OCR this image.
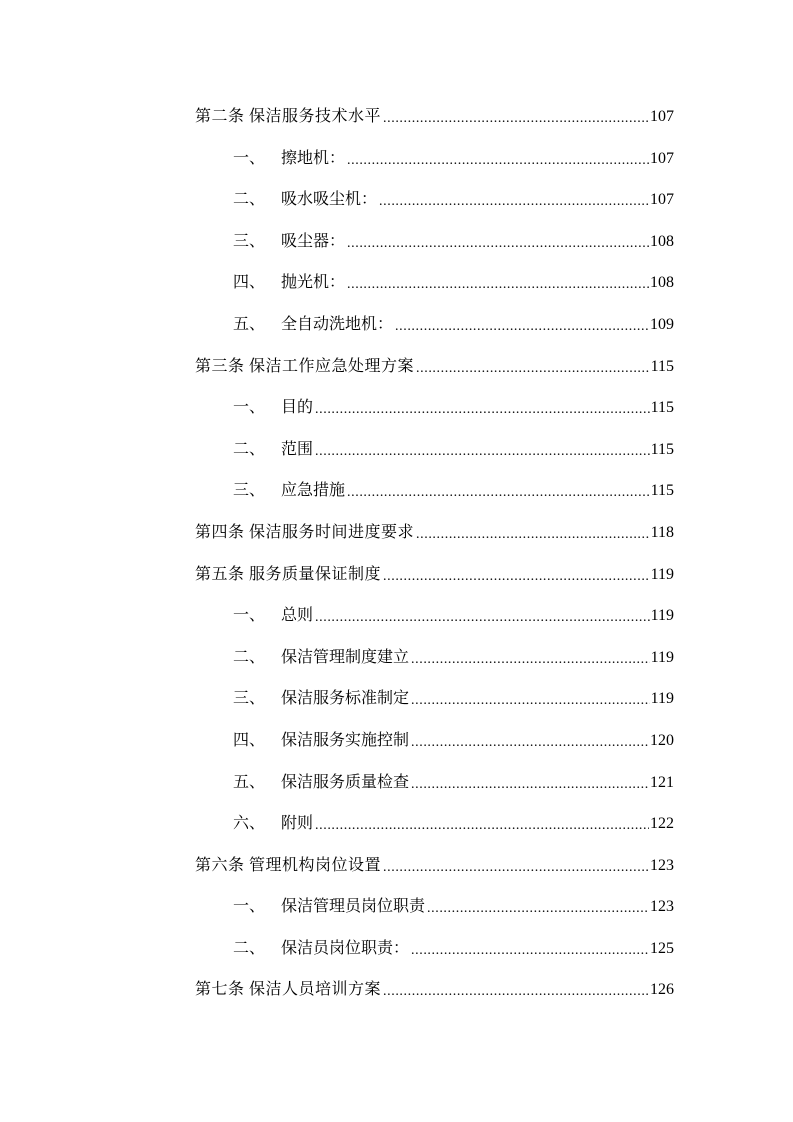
第二条 保洁服务技术水平 .....	107
一、 擦地机： .....	107
二、 吸水吸尘机： .....	107
三、 吸尘器： .....	108
四、 抛光机： .....	108
五、 全自动洗地机： .....	109
第三条 保洁工作应急处理方案 .....	115
一、 目的 .....	115
二、 范围 .....	115
三、 应急措施 .....	115
第四条 保洁服务时间进度要求 .....	118
第五条 服务质量保证制度 .....	119
一、 总则 .....	119
二、 保洁管理制度建立 .....	119
三、 保洁服务标准制定 .....	119
四、 保洁服务实施控制 .....	120
五、 保洁服务质量检查 .....	121
六、 附则 .....	122
第六条 管理机构岗位设置 .....	123
一、 保洁管理员岗位职责 .....	123
二、 保洁员岗位职责： .....	125
第七条 保洁人员培训方案 .....	126
